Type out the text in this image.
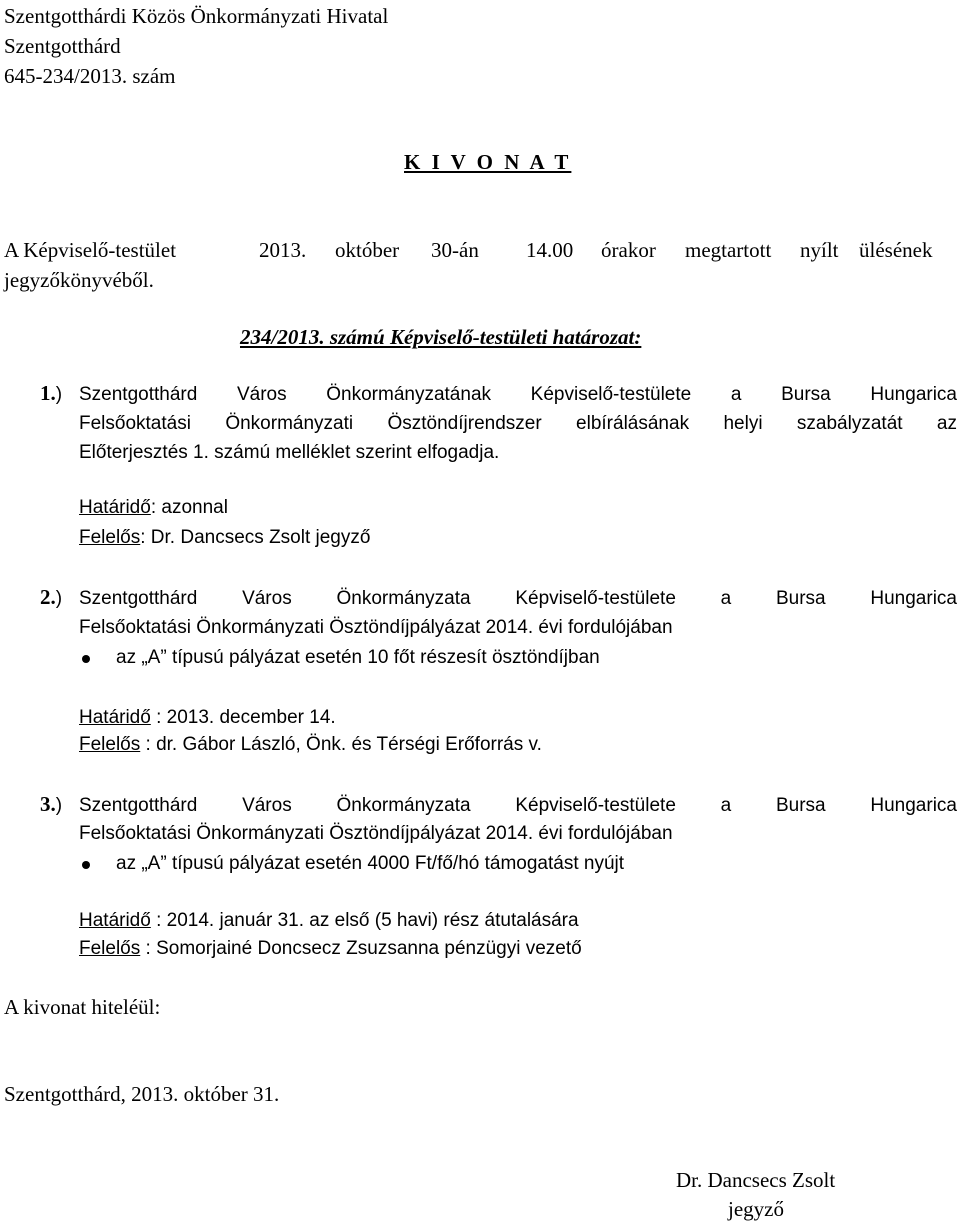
Szentgotthárdi Közös Önkormányzati Hivatal
Szentgotthárd
645-234/2013. szám
K I V O N A T
A Képviselő-testület	2013. október 30-án 14.00 órakor megtartott nyílt ülésének
jegyzőkönyvéből.
234/2013. számú Képviselő-testületi határozat:
1.) Szentgotthárd Város Önkormányzatának Képviselő-testülete a Bursa Hungarica
Felsőoktatási Önkormányzati Ösztöndíjrendszer elbírálásának helyi szabályzatát az
Előterjesztés 1. számú melléklet szerint elfogadja.
Határidő: azonnal
Felelős: Dr. Dancsecs Zsolt jegyző
2.) Szentgotthárd Város Önkormányzata Képviselő-testülete a Bursa Hungarica
Felsőoktatási Önkormányzati Ösztöndíjpályázat 2014. évi fordulójában
az „A” típusú pályázat esetén 10 főt részesít ösztöndíjban
Határidő : 2013. december 14.
Felelős : dr. Gábor László, Önk. és Térségi Erőforrás v.
3.) Szentgotthárd Város Önkormányzata Képviselő-testülete a Bursa Hungarica
Felsőoktatási Önkormányzati Ösztöndíjpályázat 2014. évi fordulójában
az „A” típusú pályázat esetén 4000 Ft/fő/hó támogatást nyújt
Határidő : 2014. január 31. az első (5 havi) rész átutalására
Felelős : Somorjainé Doncsecz Zsuzsanna pénzügyi vezető
A kivonat hiteléül:
Szentgotthárd, 2013. október 31.
Dr. Dancsecs Zsolt
jegyző
